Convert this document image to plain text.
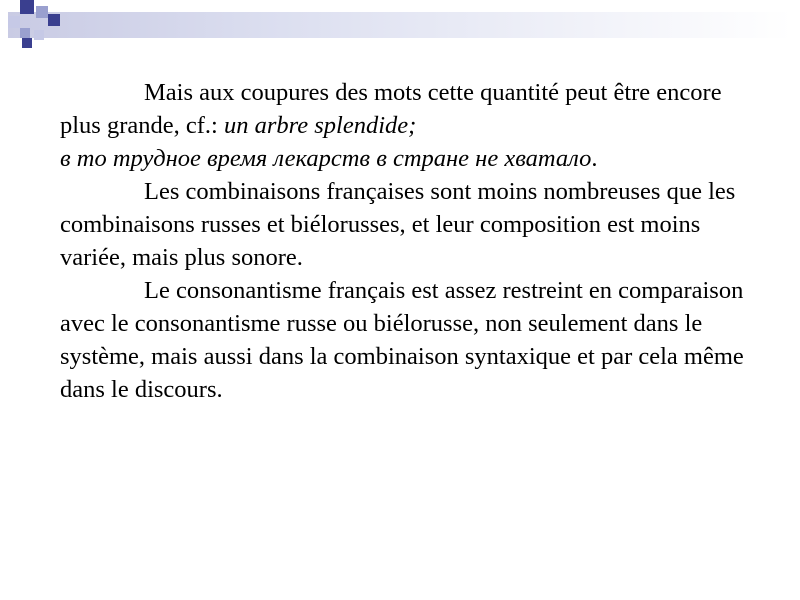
Mais aux coupures des mots cette quantité peut être encore plus grande, cf.: un arbre splendide;
в то трудное время лекарств в стране не хватало.

Les combinaisons françaises sont moins nombreuses que les combinaisons russes et biélorusses, et leur composition est moins variée, mais plus sonore.

Le consonantisme français est assez restreint en comparaison avec le consonantisme russe ou biélorusse, non seulement dans le système, mais aussi dans la combinaison syntaxique et par cela même dans le discours.
